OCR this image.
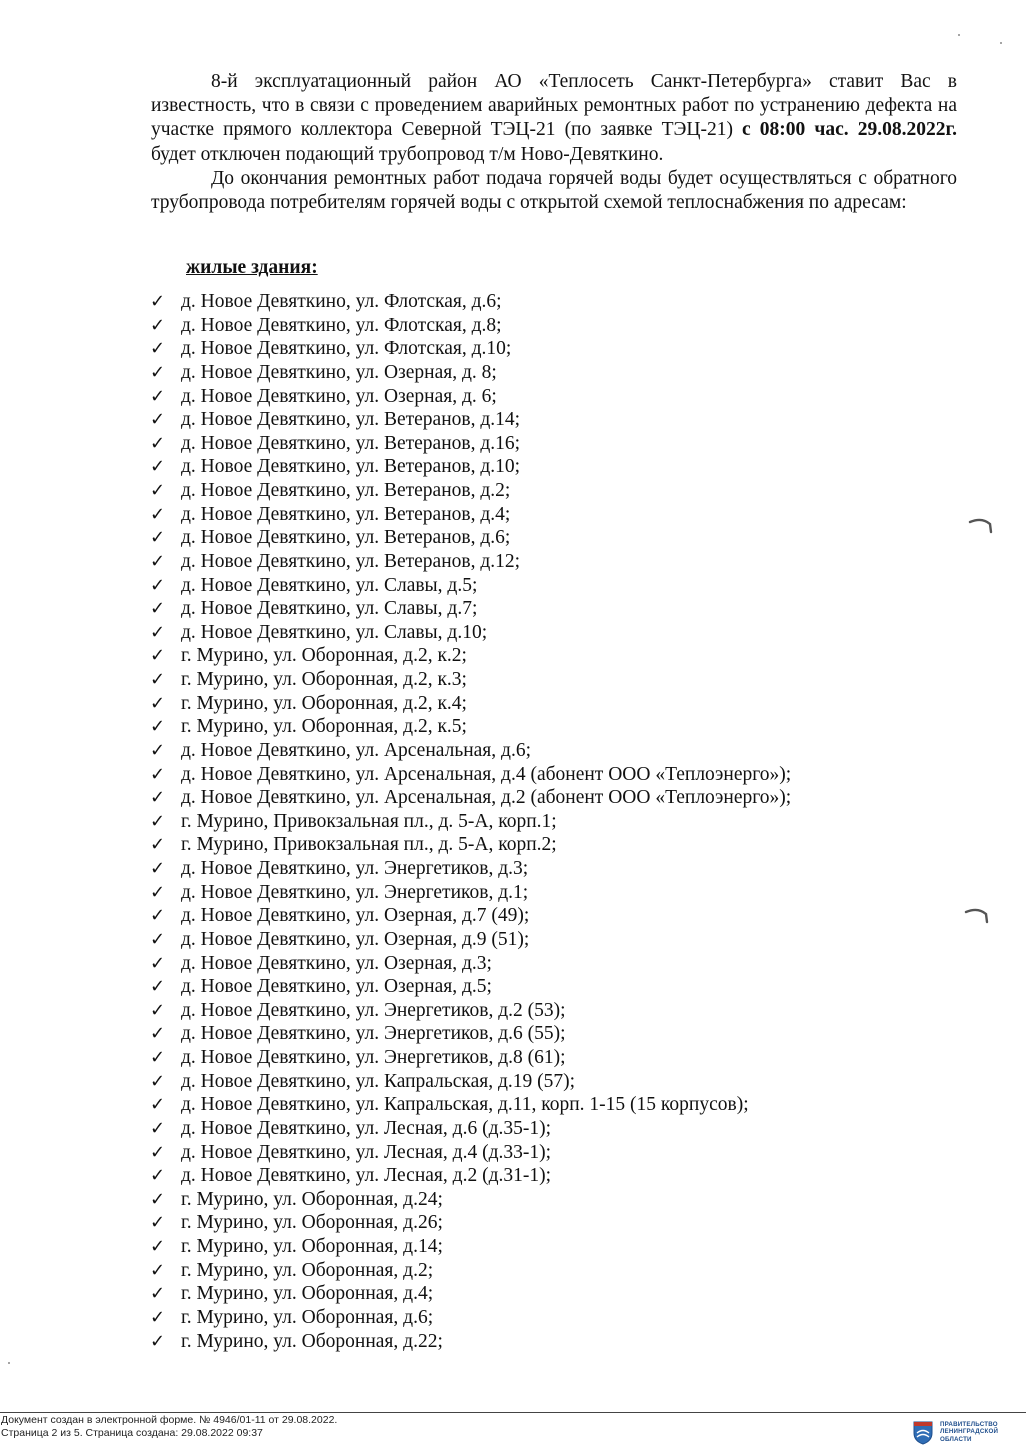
8-й эксплуатационный район АО «Теплосеть Санкт-Петербурга» ставит Вас в известность, что в связи с проведением аварийных ремонтных работ по устранению дефекта на участке прямого коллектора Северной ТЭЦ-21 (по заявке ТЭЦ-21) с 08:00 час. 29.08.2022г. будет отключен подающий трубопровод т/м Ново-Девяткино.

До окончания ремонтных работ подача горячей воды будет осуществляться с обратного трубопровода потребителям горячей воды с открытой схемой теплоснабжения по адресам:

жилые здания:
✓ д. Новое Девяткино, ул. Флотская, д.6;
✓ д. Новое Девяткино, ул. Флотская, д.8;
✓ д. Новое Девяткино, ул. Флотская, д.10;
✓ д. Новое Девяткино, ул. Озерная, д. 8;
✓ д. Новое Девяткино, ул. Озерная, д. 6;
✓ д. Новое Девяткино, ул. Ветеранов, д.14;
✓ д. Новое Девяткино, ул. Ветеранов, д.16;
✓ д. Новое Девяткино, ул. Ветеранов, д.10;
✓ д. Новое Девяткино, ул. Ветеранов, д.2;
✓ д. Новое Девяткино, ул. Ветеранов, д.4;
✓ д. Новое Девяткино, ул. Ветеранов, д.6;
✓ д. Новое Девяткино, ул. Ветеранов, д.12;
✓ д. Новое Девяткино, ул. Славы, д.5;
✓ д. Новое Девяткино, ул. Славы, д.7;
✓ д. Новое Девяткино, ул. Славы, д.10;
✓ г. Мурино, ул. Оборонная, д.2, к.2;
✓ г. Мурино, ул. Оборонная, д.2, к.3;
✓ г. Мурино, ул. Оборонная, д.2, к.4;
✓ г. Мурино, ул. Оборонная, д.2, к.5;
✓ д. Новое Девяткино, ул. Арсенальная, д.6;
✓ д. Новое Девяткино, ул. Арсенальная, д.4 (абонент ООО «Теплоэнерго»);
✓ д. Новое Девяткино, ул. Арсенальная, д.2 (абонент ООО «Теплоэнерго»);
✓ г. Мурино, Привокзальная пл., д. 5-А, корп.1;
✓ г. Мурино, Привокзальная пл., д. 5-А, корп.2;
✓ д. Новое Девяткино, ул. Энергетиков, д.3;
✓ д. Новое Девяткино, ул. Энергетиков, д.1;
✓ д. Новое Девяткино, ул. Озерная, д.7 (49);
✓ д. Новое Девяткино, ул. Озерная, д.9 (51);
✓ д. Новое Девяткино, ул. Озерная, д.3;
✓ д. Новое Девяткино, ул. Озерная, д.5;
✓ д. Новое Девяткино, ул. Энергетиков, д.2 (53);
✓ д. Новое Девяткино, ул. Энергетиков, д.6 (55);
✓ д. Новое Девяткино, ул. Энергетиков, д.8 (61);
✓ д. Новое Девяткино, ул. Капральская, д.19 (57);
✓ д. Новое Девяткино, ул. Капральская, д.11, корп. 1-15 (15 корпусов);
✓ д. Новое Девяткино, ул. Лесная, д.6 (д.35-1);
✓ д. Новое Девяткино, ул. Лесная, д.4 (д.33-1);
✓ д. Новое Девяткино, ул. Лесная, д.2 (д.31-1);
✓ г. Мурино, ул. Оборонная, д.24;
✓ г. Мурино, ул. Оборонная, д.26;
✓ г. Мурино, ул. Оборонная, д.14;
✓ г. Мурино, ул. Оборонная, д.2;
✓ г. Мурино, ул. Оборонная, д.4;
✓ г. Мурино, ул. Оборонная, д.6;
✓ г. Мурино, ул. Оборонная, д.22;
Документ создан в электронной форме. № 4946/01-11 от 29.08.2022.
Страница 2 из 5. Страница создана: 29.08.2022 09:37
ПРАВИТЕЛЬСТВО
ЛЕНИНГРАДСКОЙ
ОБЛАСТИ
